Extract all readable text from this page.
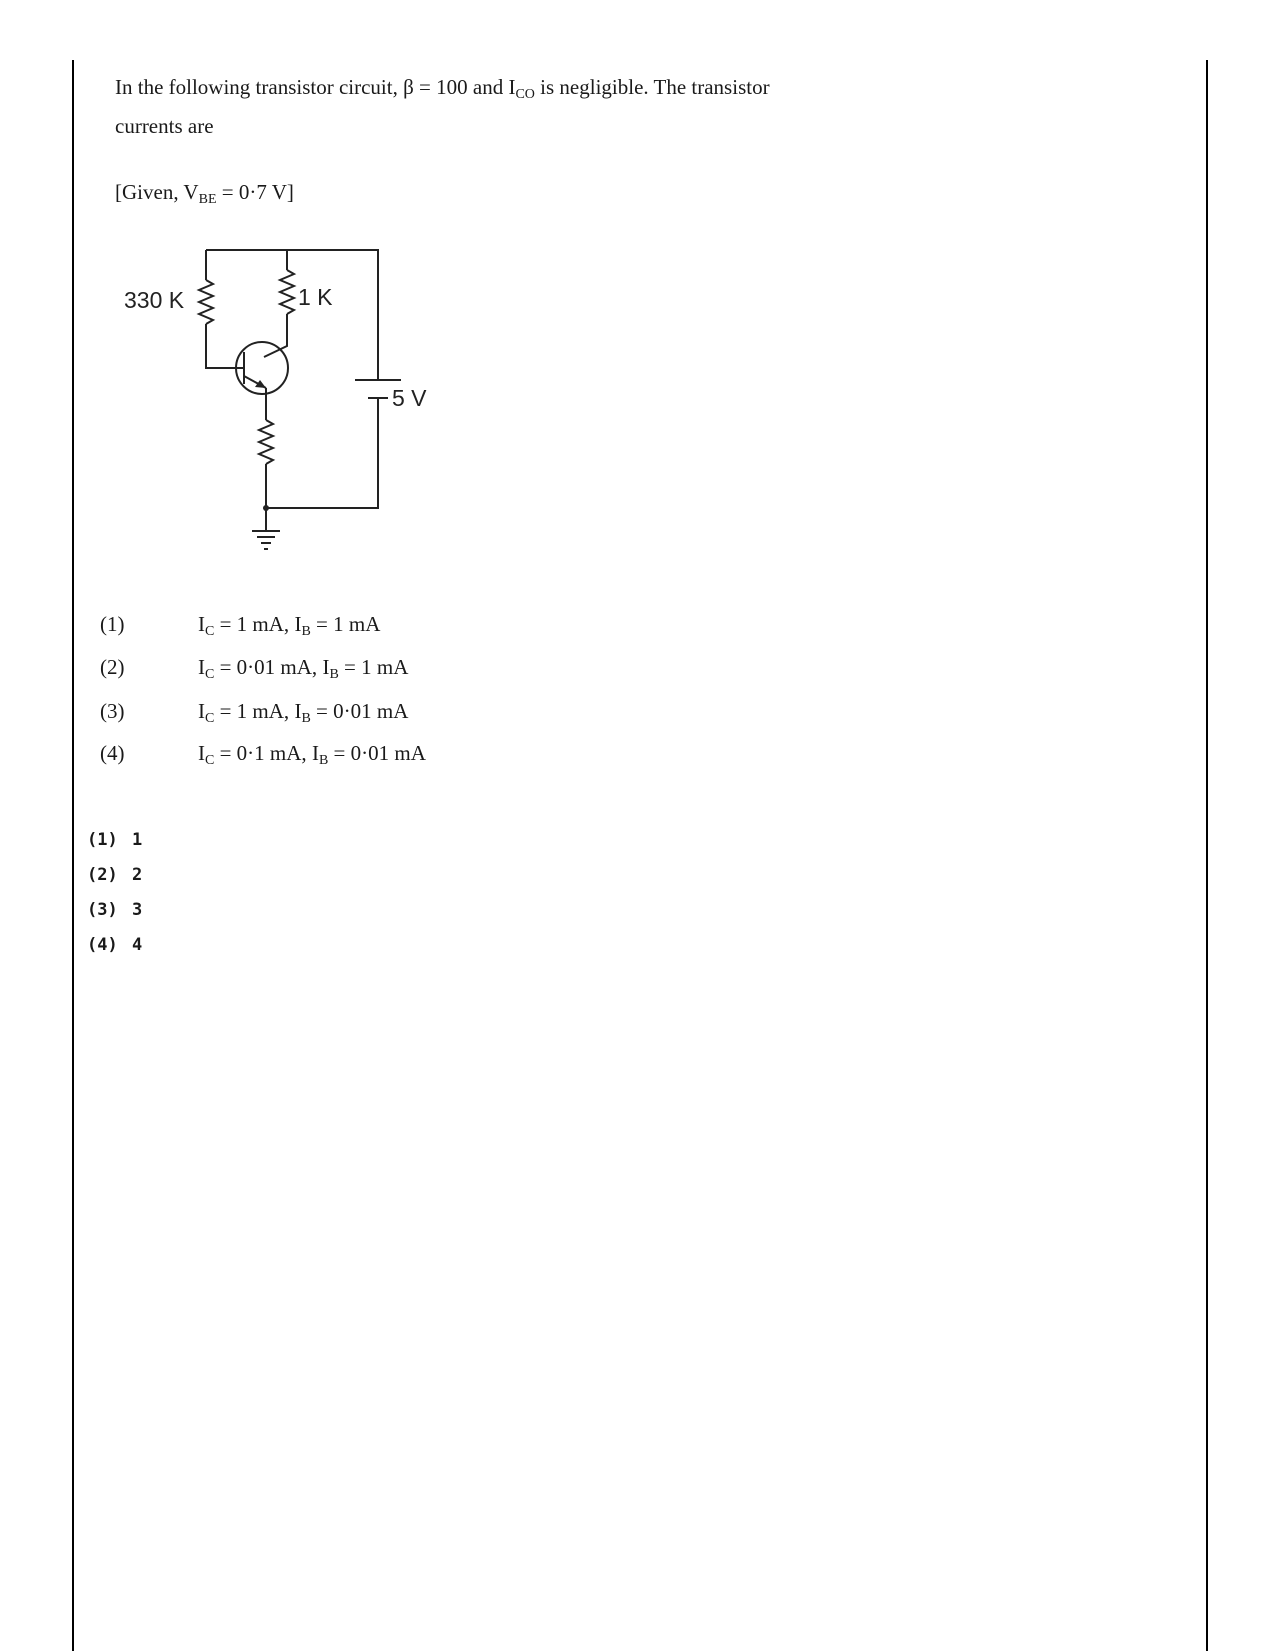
In the following transistor circuit, β = 100 and $I_{CO}$ is negligible. The transistor
currents are
[Given, $V_{BE} = 0\cdot 7$ V]
330 K	1 K
5 V
(1)	$I_C = 1$ mA, $I_B = 1$ mA
(2)	$I_C = 0\cdot 01$ mA, $I_B = 1$ mA
(3)	$I_C = 1$ mA, $I_B = 0\cdot 01$ mA
(4)	$I_C = 0\cdot 1$ mA, $I_B = 0\cdot 01$ mA
(1) 1
(2) 2
(3) 3
(4) 4
